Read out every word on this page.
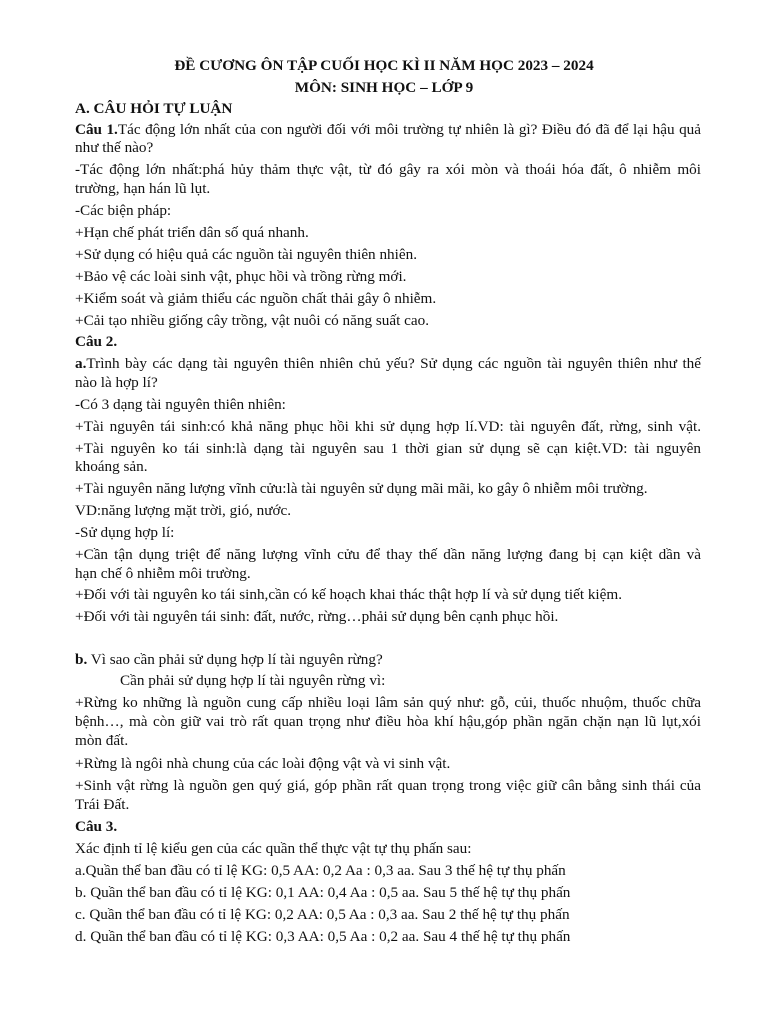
ĐỀ CƯƠNG ÔN TẬP CUỐI HỌC KÌ II NĂM HỌC 2023 – 2024
MÔN: SINH HỌC – LỚP 9
A. CÂU HỎI TỰ LUẬN
Câu 1.Tác động lớn nhất của con người đối với môi trường tự nhiên là gì? Điều đó đã để lại hậu quả
như thế nào?
-Tác động lớn nhất:phá hủy thảm thực vật, từ đó gây ra xói mòn và thoái hóa đất, ô nhiễm môi
trường, hạn hán lũ lụt.
-Các biện pháp:
+Hạn chế phát triển dân số quá nhanh.
+Sử dụng có hiệu quả các nguồn tài nguyên thiên nhiên.
+Bảo vệ các loài sinh vật, phục hồi và trồng rừng mới.
+Kiểm soát và giảm thiểu các nguồn chất thải gây ô nhiễm.
+Cải tạo nhiều giống cây trồng, vật nuôi có năng suất cao.
Câu 2.
a.Trình bày các dạng tài nguyên thiên nhiên chủ yếu? Sử dụng các nguồn tài nguyên thiên như thế
nào là hợp lí?
-Có 3 dạng tài nguyên thiên nhiên:
+Tài nguyên tái sinh:có khả năng phục hồi khi sử dụng hợp lí.VD: tài nguyên đất, rừng, sinh vật.
+Tài nguyên ko tái sinh:là dạng tài nguyên sau 1 thời gian sử dụng sẽ cạn kiệt.VD: tài nguyên
khoáng sản.
+Tài nguyên năng lượng vĩnh cửu:là tài nguyên sử dụng mãi mãi, ko gây ô nhiễm môi trường.
VD:năng lượng mặt trời, gió, nước.
-Sử dụng hợp lí:
+Cần tận dụng triệt để năng lượng vĩnh cửu để thay thế dần năng lượng đang bị cạn kiệt dần và
hạn chế ô nhiễm môi trường.
+Đối với tài nguyên ko tái sinh,cần có kế hoạch khai thác thật hợp lí và sử dụng tiết kiệm.
+Đối với tài nguyên tái sinh: đất, nước, rừng…phải sử dụng bên cạnh phục hồi.
b. Vì sao cần phải sử dụng hợp lí tài nguyên rừng?
Cần phải sử dụng hợp lí tài nguyên rừng vì:
+Rừng ko những là nguồn cung cấp nhiều loại lâm sản quý như: gỗ, củi, thuốc nhuộm, thuốc chữa
bệnh…, mà còn giữ vai trò rất quan trọng như điều hòa khí hậu,góp phần ngăn chặn nạn lũ lụt,xói
mòn đất.
+Rừng là ngôi nhà chung của các loài động vật và vi sinh vật.
+Sinh vật rừng là nguồn gen quý giá, góp phần rất quan trọng trong việc giữ cân bằng sinh thái của
Trái Đất.
Câu 3.
Xác định tỉ lệ kiểu gen của các quần thể thực vật tự thụ phấn sau:
a.Quần thể ban đầu có tỉ lệ KG: 0,5 AA: 0,2 Aa : 0,3 aa. Sau 3 thế hệ tự thụ phấn
b. Quần thể ban đầu có tỉ lệ KG: 0,1 AA: 0,4 Aa : 0,5 aa. Sau 5 thế hệ tự thụ phấn
c. Quần thể ban đầu có tỉ lệ KG: 0,2 AA: 0,5 Aa : 0,3 aa. Sau 2 thế hệ tự thụ phấn
d. Quần thể ban đầu có tỉ lệ KG: 0,3 AA: 0,5 Aa : 0,2 aa. Sau 4 thế hệ tự thụ phấn
